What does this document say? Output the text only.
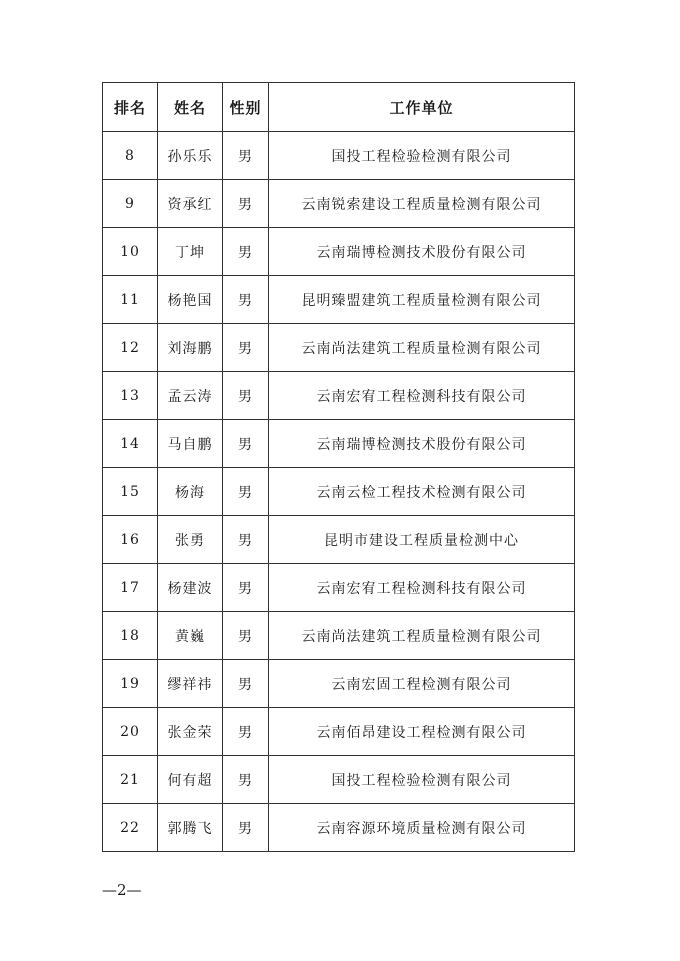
排名	姓名	性别	工作单位
8	孙乐乐	男	国投工程检验检测有限公司
9	资承红	男	云南锐索建设工程质量检测有限公司
10	丁坤	男	云南瑞博检测技术股份有限公司
11	杨艳国	男	昆明臻盟建筑工程质量检测有限公司
12	刘海鹏	男	云南尚法建筑工程质量检测有限公司
13	孟云涛	男	云南宏宥工程检测科技有限公司
14	马自鹏	男	云南瑞博检测技术股份有限公司
15	杨海	男	云南云检工程技术检测有限公司
16	张勇	男	昆明市建设工程质量检测中心
17	杨建波	男	云南宏宥工程检测科技有限公司
18	黄巍	男	云南尚法建筑工程质量检测有限公司
19	缪祥祎	男	云南宏固工程检测有限公司
20	张金荣	男	云南佰昂建设工程检测有限公司
21	何有超	男	国投工程检验检测有限公司
22	郭腾飞	男	云南容源环境质量检测有限公司
—2—
